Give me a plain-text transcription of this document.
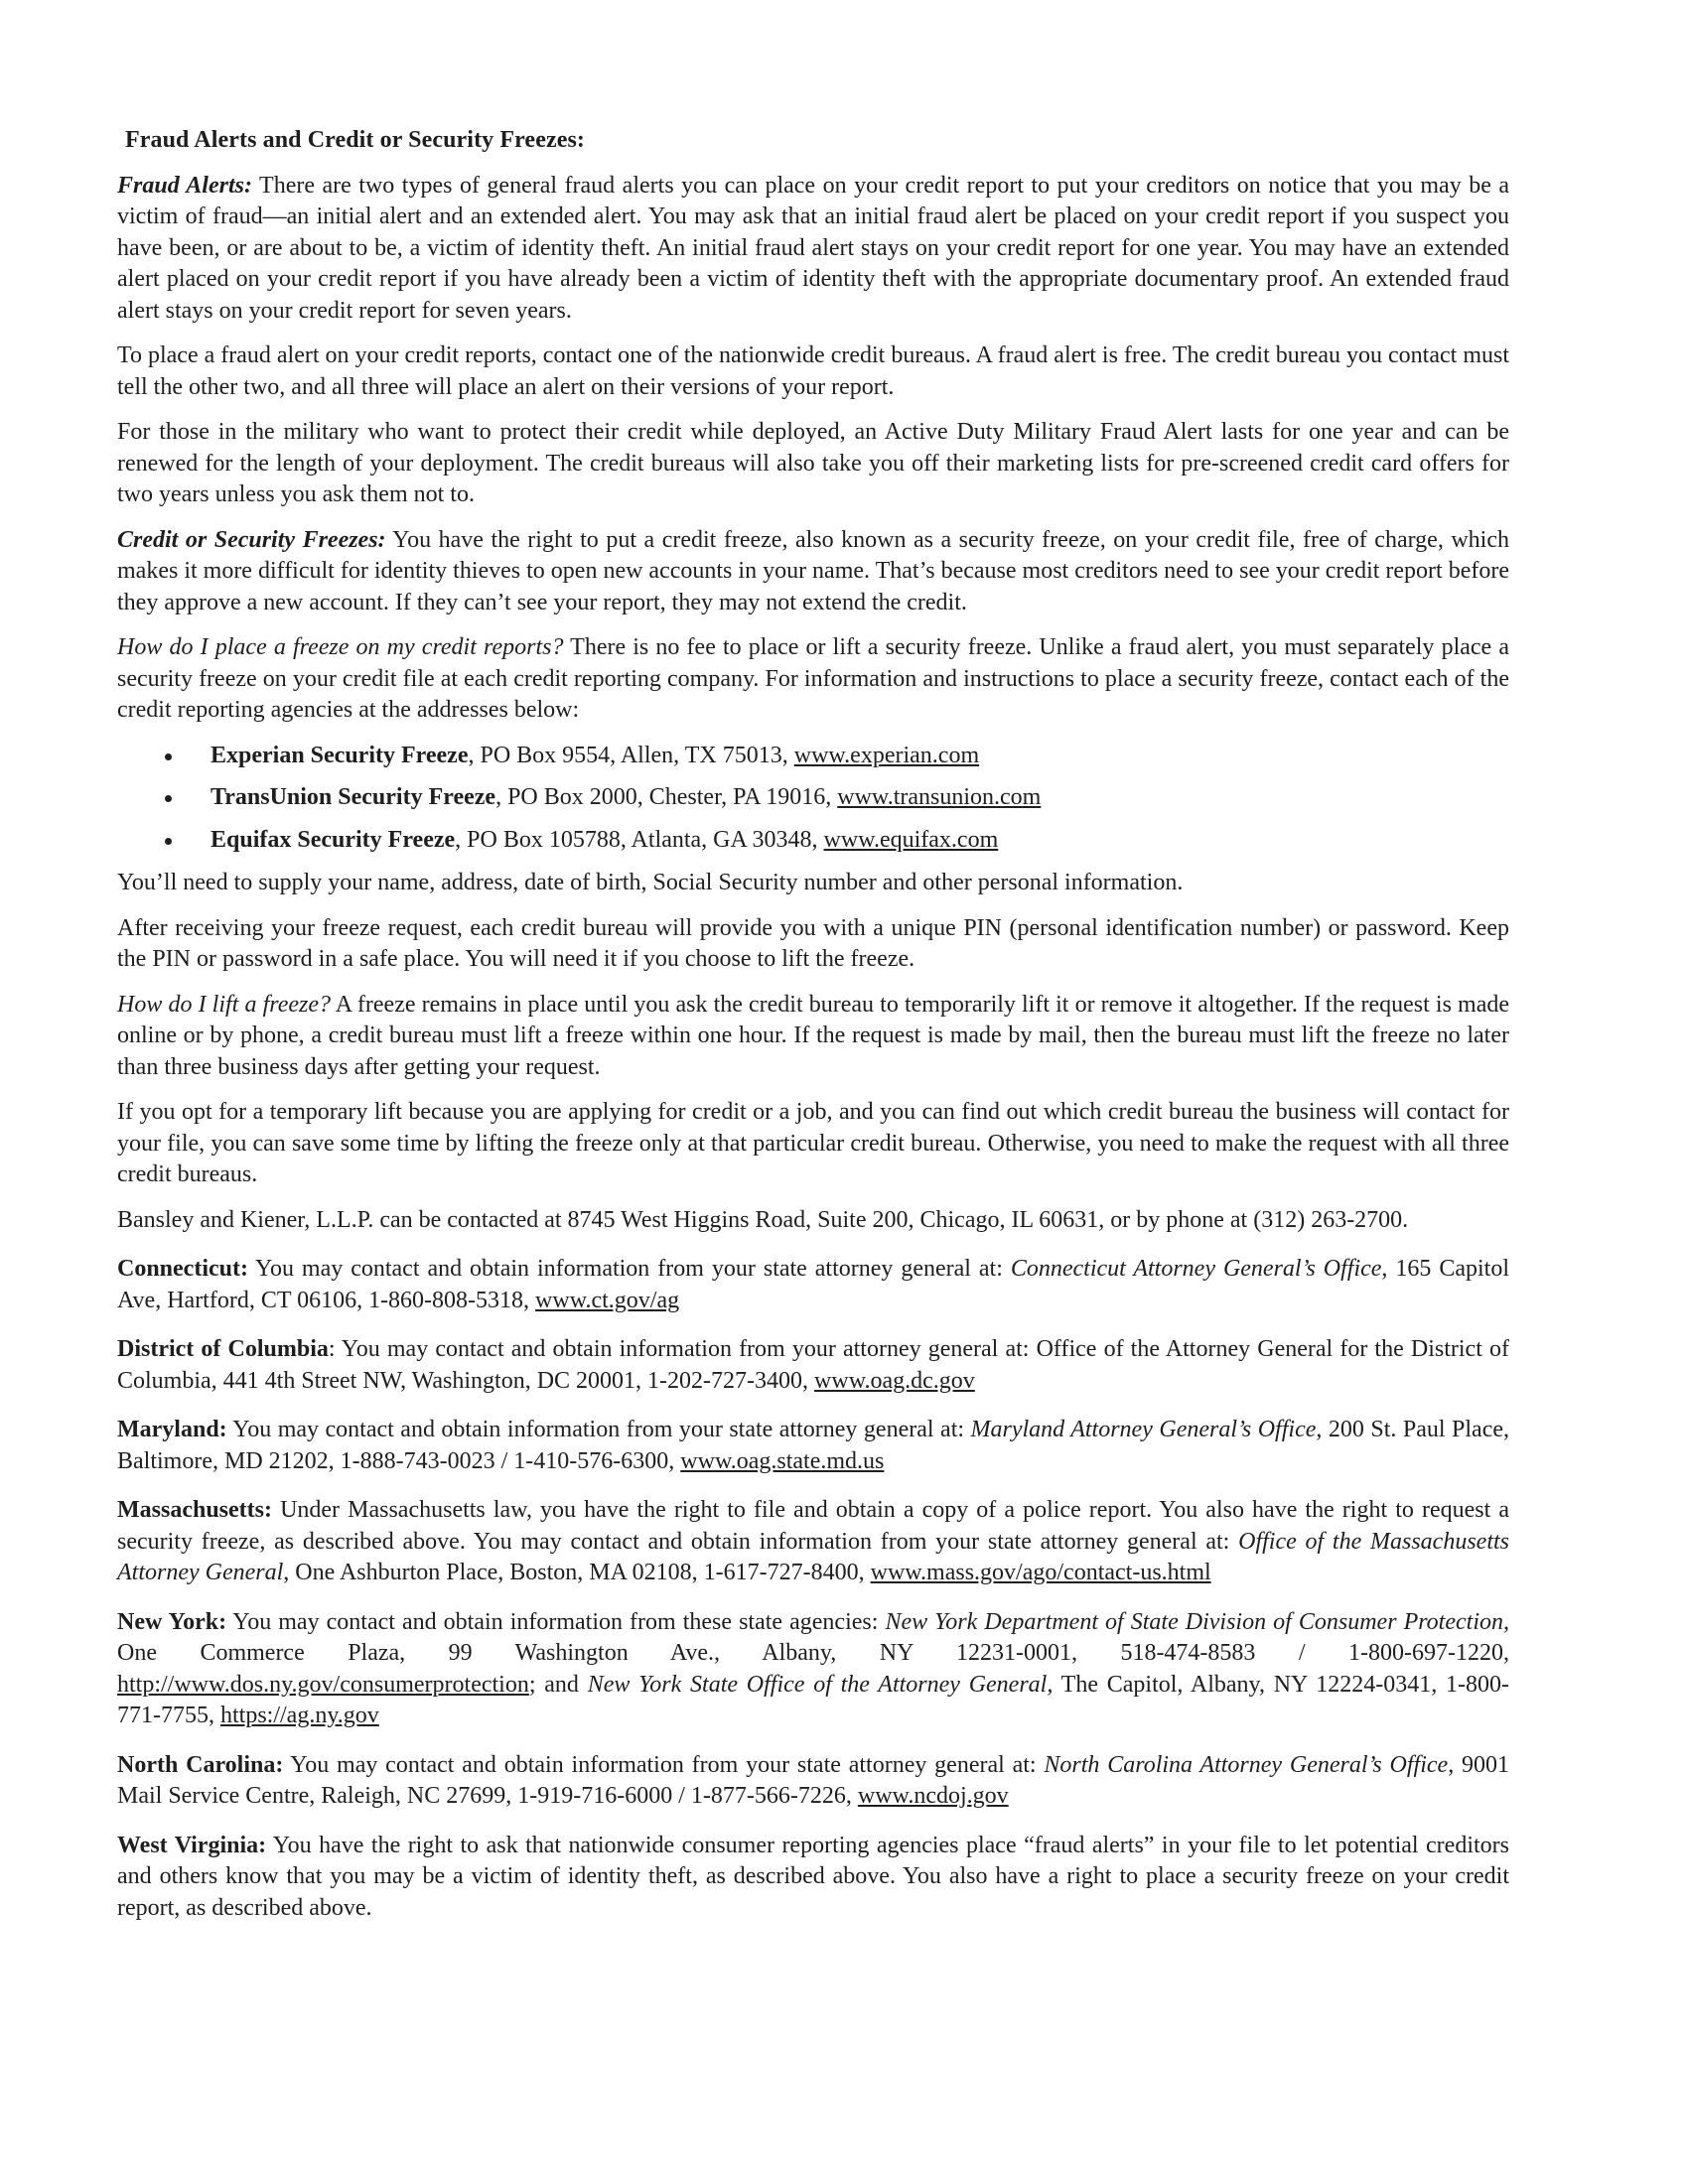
Fraud Alerts and Credit or Security Freezes:

Fraud Alerts: There are two types of general fraud alerts you can place on your credit report to put your creditors on notice that you may be a victim of fraud—an initial alert and an extended alert. You may ask that an initial fraud alert be placed on your credit report if you suspect you have been, or are about to be, a victim of identity theft. An initial fraud alert stays on your credit report for one year. You may have an extended alert placed on your credit report if you have already been a victim of identity theft with the appropriate documentary proof. An extended fraud alert stays on your credit report for seven years.

To place a fraud alert on your credit reports, contact one of the nationwide credit bureaus. A fraud alert is free. The credit bureau you contact must tell the other two, and all three will place an alert on their versions of your report.

For those in the military who want to protect their credit while deployed, an Active Duty Military Fraud Alert lasts for one year and can be renewed for the length of your deployment. The credit bureaus will also take you off their marketing lists for pre-screened credit card offers for two years unless you ask them not to.

Credit or Security Freezes: You have the right to put a credit freeze, also known as a security freeze, on your credit file, free of charge, which makes it more difficult for identity thieves to open new accounts in your name. That’s because most creditors need to see your credit report before they approve a new account. If they can’t see your report, they may not extend the credit.

How do I place a freeze on my credit reports? There is no fee to place or lift a security freeze. Unlike a fraud alert, you must separately place a security freeze on your credit file at each credit reporting company. For information and instructions to place a security freeze, contact each of the credit reporting agencies at the addresses below:

Experian Security Freeze, PO Box 9554, Allen, TX 75013, www.experian.com
TransUnion Security Freeze, PO Box 2000, Chester, PA 19016, www.transunion.com
Equifax Security Freeze, PO Box 105788, Atlanta, GA 30348, www.equifax.com

You’ll need to supply your name, address, date of birth, Social Security number and other personal information.

After receiving your freeze request, each credit bureau will provide you with a unique PIN (personal identification number) or password. Keep the PIN or password in a safe place. You will need it if you choose to lift the freeze.

How do I lift a freeze? A freeze remains in place until you ask the credit bureau to temporarily lift it or remove it altogether. If the request is made online or by phone, a credit bureau must lift a freeze within one hour. If the request is made by mail, then the bureau must lift the freeze no later than three business days after getting your request.

If you opt for a temporary lift because you are applying for credit or a job, and you can find out which credit bureau the business will contact for your file, you can save some time by lifting the freeze only at that particular credit bureau. Otherwise, you need to make the request with all three credit bureaus.

Bansley and Kiener, L.L.P. can be contacted at 8745 West Higgins Road, Suite 200, Chicago, IL 60631, or by phone at (312) 263-2700.

Connecticut: You may contact and obtain information from your state attorney general at: Connecticut Attorney General’s Office, 165 Capitol Ave, Hartford, CT 06106, 1-860-808-5318, www.ct.gov/ag

District of Columbia: You may contact and obtain information from your attorney general at: Office of the Attorney General for the District of Columbia, 441 4th Street NW, Washington, DC 20001, 1-202-727-3400, www.oag.dc.gov

Maryland: You may contact and obtain information from your state attorney general at: Maryland Attorney General’s Office, 200 St. Paul Place, Baltimore, MD 21202, 1-888-743-0023 / 1-410-576-6300, www.oag.state.md.us

Massachusetts: Under Massachusetts law, you have the right to file and obtain a copy of a police report. You also have the right to request a security freeze, as described above. You may contact and obtain information from your state attorney general at: Office of the Massachusetts Attorney General, One Ashburton Place, Boston, MA 02108, 1-617-727-8400, www.mass.gov/ago/contact-us.html

New York: You may contact and obtain information from these state agencies: New York Department of State Division of Consumer Protection, One Commerce Plaza, 99 Washington Ave., Albany, NY 12231-0001, 518-474-8583 / 1-800-697-1220, http://www.dos.ny.gov/consumerprotection; and New York State Office of the Attorney General, The Capitol, Albany, NY 12224-0341, 1-800-771-7755, https://ag.ny.gov

North Carolina: You may contact and obtain information from your state attorney general at: North Carolina Attorney General’s Office, 9001 Mail Service Centre, Raleigh, NC 27699, 1-919-716-6000 / 1-877-566-7226, www.ncdoj.gov

West Virginia: You have the right to ask that nationwide consumer reporting agencies place “fraud alerts” in your file to let potential creditors and others know that you may be a victim of identity theft, as described above. You also have a right to place a security freeze on your credit report, as described above.
